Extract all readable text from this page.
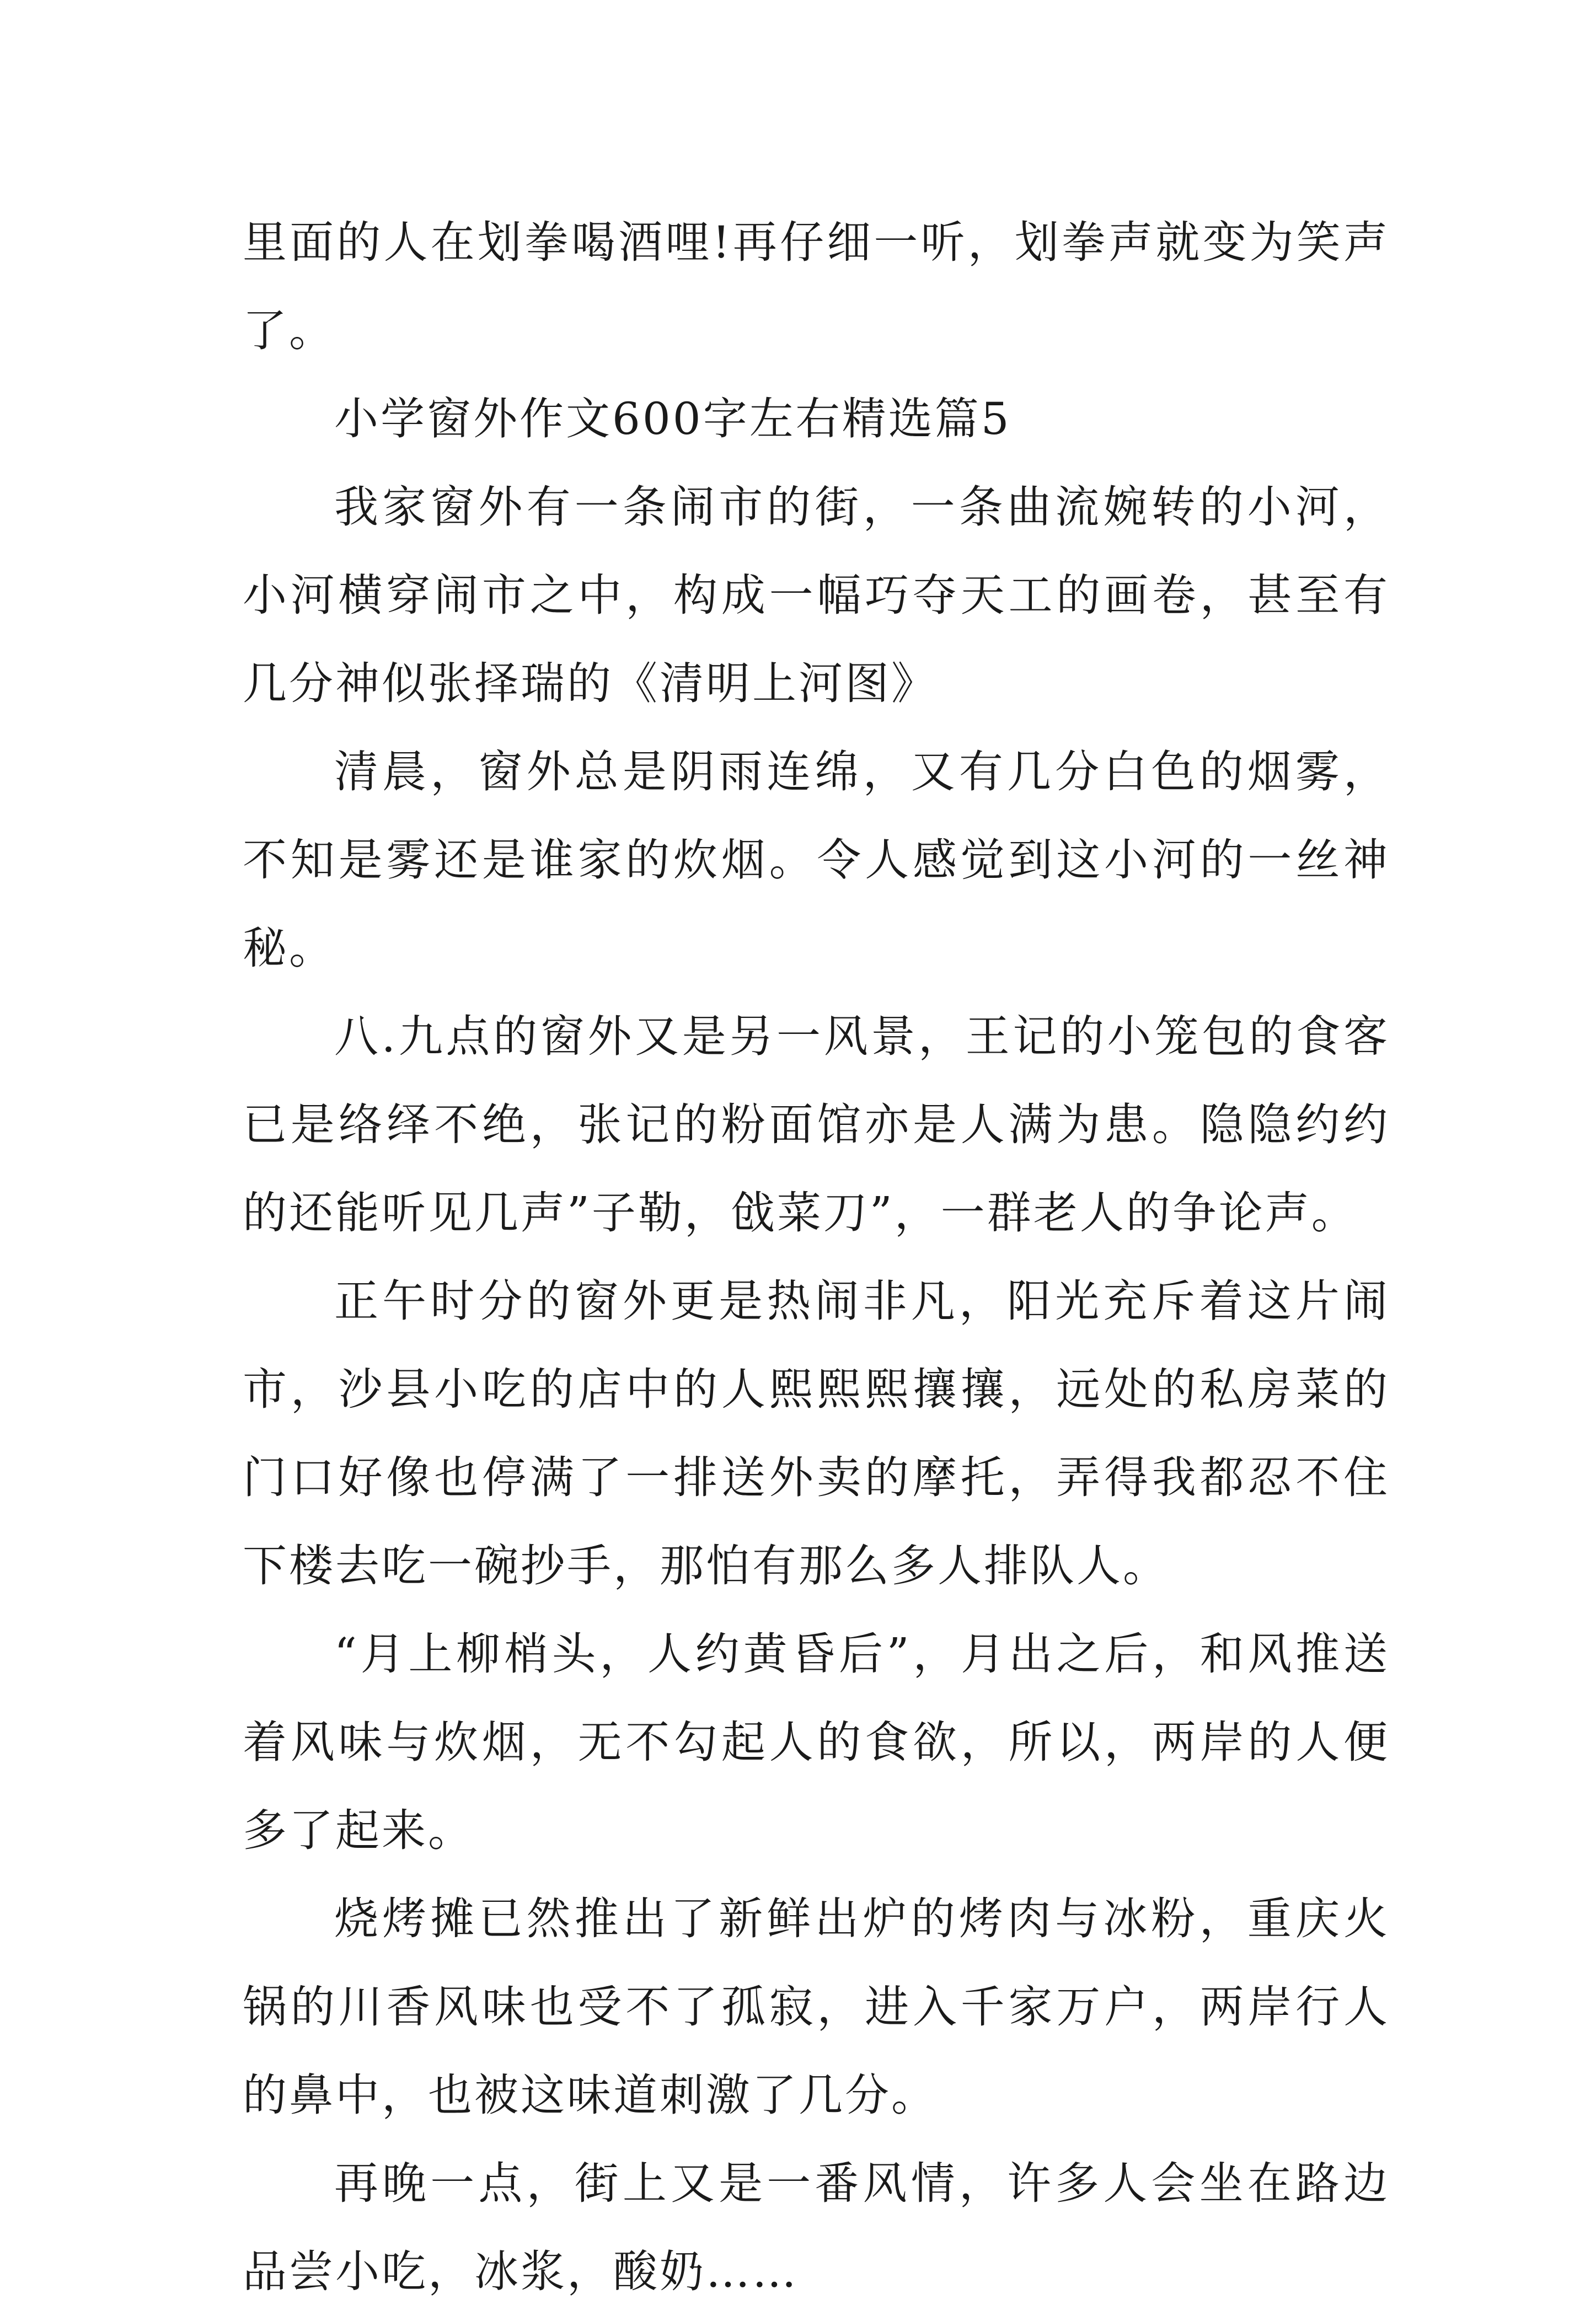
里面的人在划拳喝酒哩!再仔细一听，划拳声就变为笑声了。

小学窗外作文600字左右精选篇5

我家窗外有一条闹市的街，一条曲流婉转的小河，小河横穿闹市之中，构成一幅巧夺天工的画卷，甚至有几分神似张择瑞的《清明上河图》

清晨，窗外总是阴雨连绵，又有几分白色的烟雾，不知是雾还是谁家的炊烟。令人感觉到这小河的一丝神秘。

八.九点的窗外又是另一风景，王记的小笼包的食客已是络绎不绝，张记的粉面馆亦是人满为患。隐隐约约的还能听见几声”子勒，戗菜刀”，一群老人的争论声。

正午时分的窗外更是热闹非凡，阳光充斥着这片闹市，沙县小吃的店中的人熙熙熙攘攘，远处的私房菜的门口好像也停满了一排送外卖的摩托，弄得我都忍不住下楼去吃一碗抄手，那怕有那么多人排队人。

“月上柳梢头，人约黄昏后”，月出之后，和风推送着风味与炊烟，无不勾起人的食欲，所以，两岸的人便多了起来。

烧烤摊已然推出了新鲜出炉的烤肉与冰粉，重庆火锅的川香风味也受不了孤寂，进入千家万户，两岸行人的鼻中，也被这味道刺激了几分。

再晚一点，街上又是一番风情，许多人会坐在路边品尝小吃，冰浆，酸奶……
